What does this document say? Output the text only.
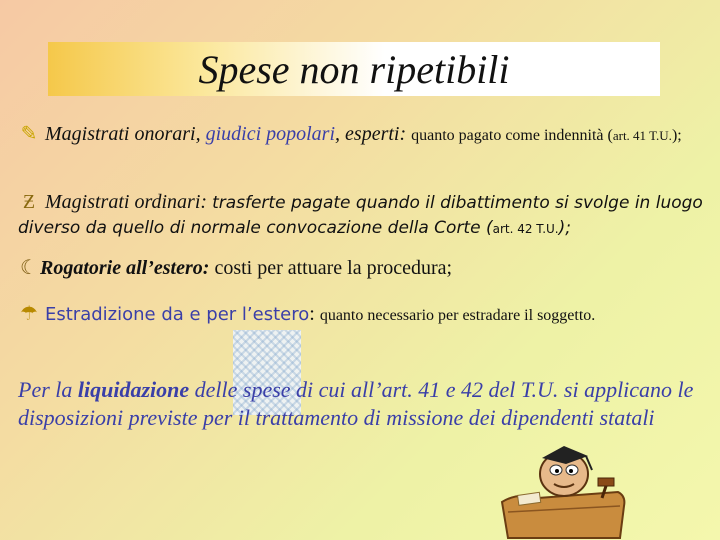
Spese non ripetibili
✎ Magistrati onorari, giudici popolari, esperti: quanto pagato come indennità (art. 41 T.U.);
Ƶ Magistrati ordinari: trasferte pagate quando il dibattimento si svolge in luogo diverso da quello di normale convocazione della Corte (art. 42 T.U.);
☾ Rogatorie all’estero: costi per attuare la procedura;
☂ Estradizione da e per l’estero: quanto necessario per estradare il soggetto.
Per la liquidazione delle spese di cui all’art. 41 e 42 del T.U. si applicano le disposizioni previste per il trattamento di missione dei dipendenti statali
